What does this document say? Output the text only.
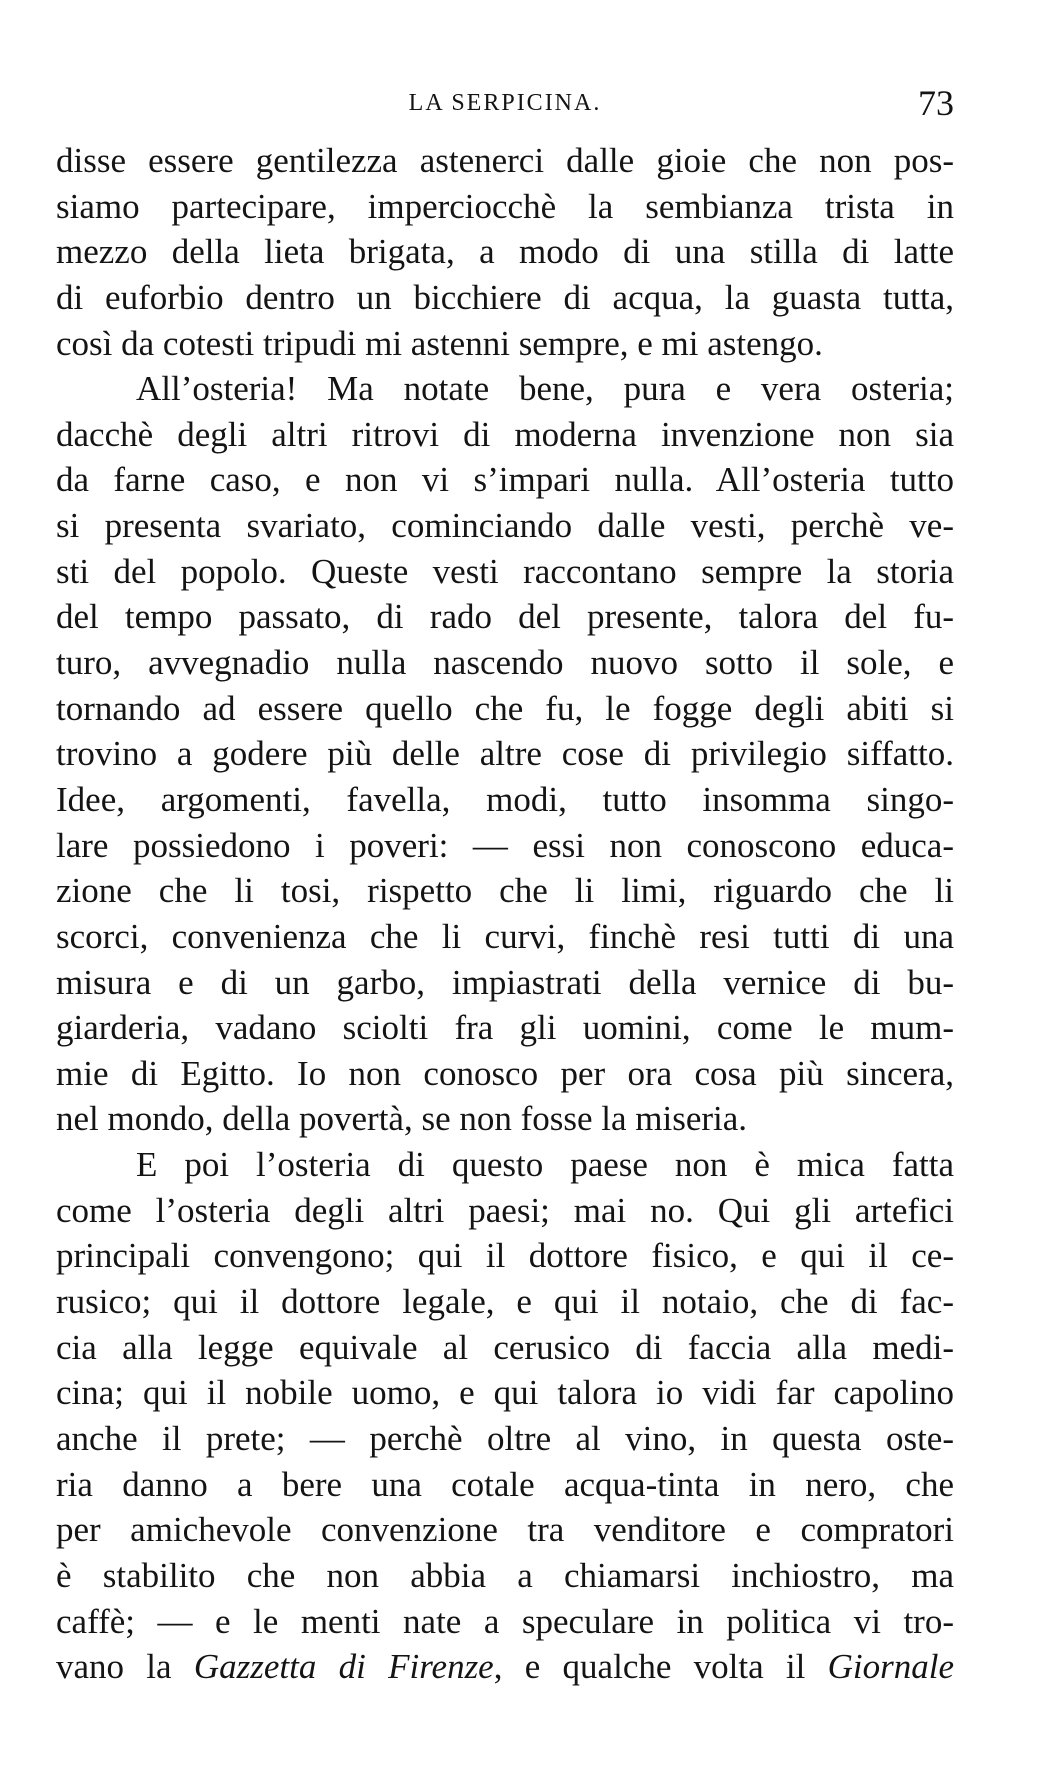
LA SERPICINA.	73
disse essere gentilezza astenerci dalle gioie che non pos-
siamo partecipare, imperciocchè la sembianza trista in
mezzo della lieta brigata, a modo di una stilla di latte
di euforbio dentro un bicchiere di acqua, la guasta tutta,
così da cotesti tripudi mi astenni sempre, e mi astengo.
All’osteria! Ma notate bene, pura e vera osteria;
dacchè degli altri ritrovi di moderna invenzione non sia
da farne caso, e non vi s’impari nulla. All’osteria tutto
si presenta svariato, cominciando dalle vesti, perchè ve-
sti del popolo. Queste vesti raccontano sempre la storia
del tempo passato, di rado del presente, talora del fu-
turo, avvegnadio nulla nascendo nuovo sotto il sole, e
tornando ad essere quello che fu, le fogge degli abiti si
trovino a godere più delle altre cose di privilegio siffatto.
Idee, argomenti, favella, modi, tutto insomma singo-
lare possiedono i poveri: — essi non conoscono educa-
zione che li tosi, rispetto che li limi, riguardo che li
scorci, convenienza che li curvi, finchè resi tutti di una
misura e di un garbo, impiastrati della vernice di bu-
giarderia, vadano sciolti fra gli uomini, come le mum-
mie di Egitto. Io non conosco per ora cosa più sincera,
nel mondo, della povertà, se non fosse la miseria.
E poi l’osteria di questo paese non è mica fatta
come l’osteria degli altri paesi; mai no. Qui gli artefici
principali convengono; qui il dottore fisico, e qui il ce-
rusico; qui il dottore legale, e qui il notaio, che di fac-
cia alla legge equivale al cerusico di faccia alla medi-
cina; qui il nobile uomo, e qui talora io vidi far capolino
anche il prete; — perchè oltre al vino, in questa oste-
ria danno a bere una cotale acqua-tinta in nero, che
per amichevole convenzione tra venditore e compratori
è stabilito che non abbia a chiamarsi inchiostro, ma
caffè; — e le menti nate a speculare in politica vi tro-
vano la Gazzetta di Firenze, e qualche volta il Giornale
